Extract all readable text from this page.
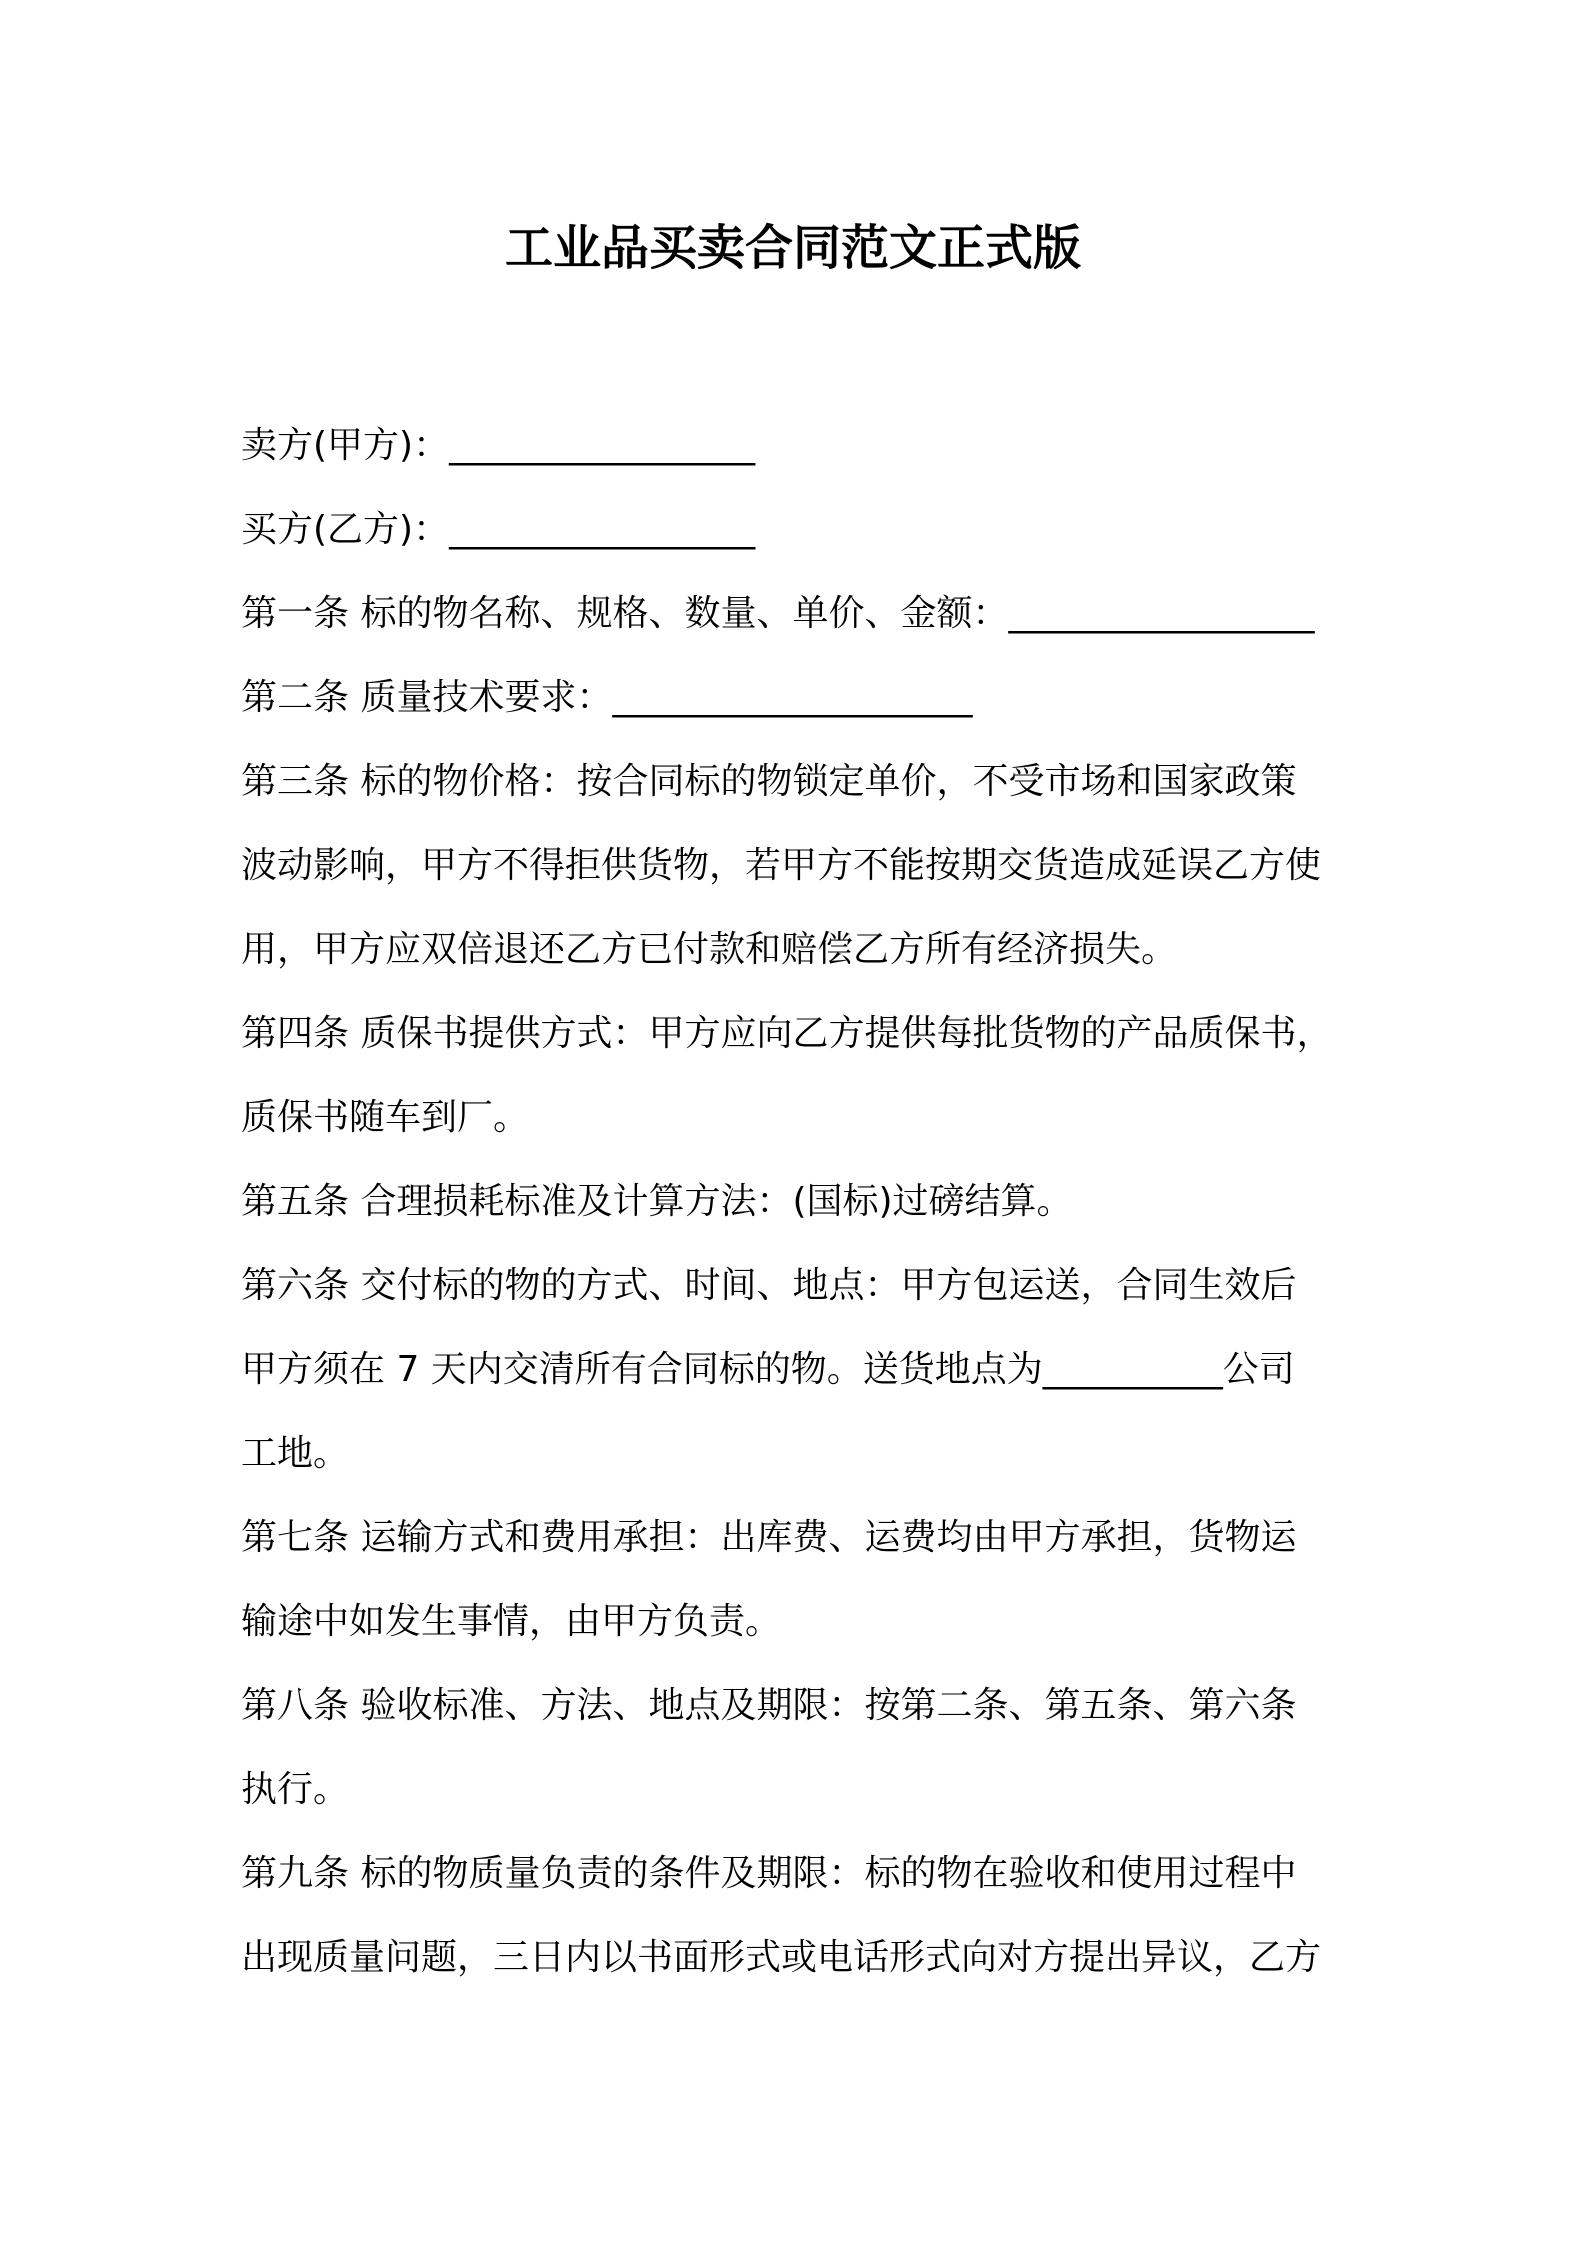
工业品买卖合同范文正式版
卖方(甲方)：_________________
买方(乙方)：_________________
第一条 标的物名称、规格、数量、单价、金额：_________________
第二条 质量技术要求：____________________
第三条 标的物价格：按合同标的物锁定单价，不受市场和国家政策
波动影响，甲方不得拒供货物，若甲方不能按期交货造成延误乙方使
用，甲方应双倍退还乙方已付款和赔偿乙方所有经济损失。
第四条 质保书提供方式：甲方应向乙方提供每批货物的产品质保书，
质保书随车到厂。
第五条 合理损耗标准及计算方法：(国标)过磅结算。
第六条 交付标的物的方式、时间、地点：甲方包运送，合同生效后
甲方须在 7 天内交清所有合同标的物。送货地点为__________公司
工地。
第七条 运输方式和费用承担：出库费、运费均由甲方承担，货物运
输途中如发生事情，由甲方负责。
第八条 验收标准、方法、地点及期限：按第二条、第五条、第六条
执行。
第九条 标的物质量负责的条件及期限：标的物在验收和使用过程中
出现质量问题，三日内以书面形式或电话形式向对方提出异议，乙方
